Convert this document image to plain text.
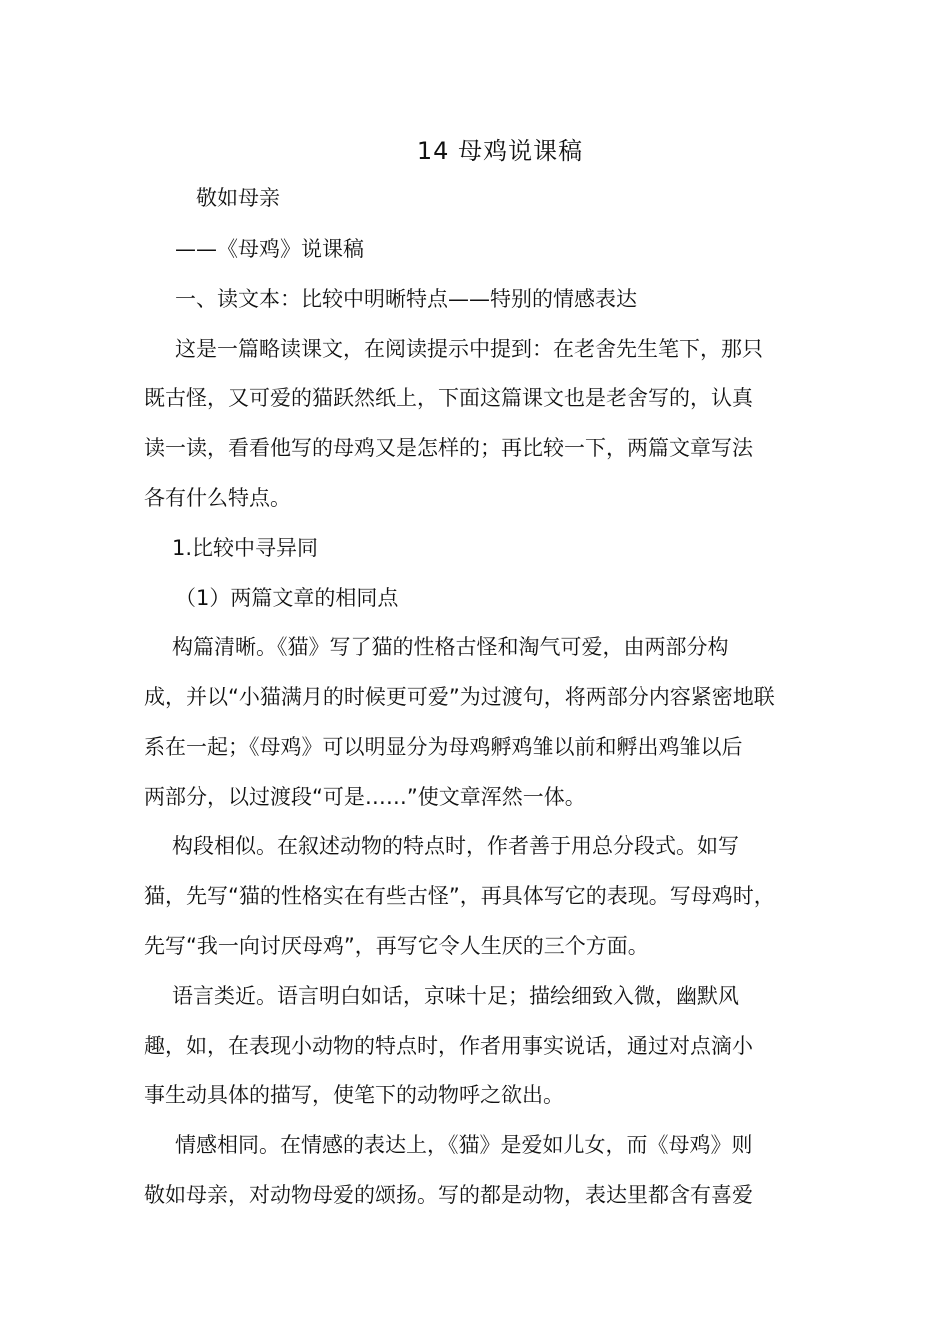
14 母鸡说课稿
　敬如母亲
——《母鸡》说课稿
一、读文本：比较中明晰特点——特别的情感表达
这是一篇略读课文，在阅读提示中提到：在老舍先生笔下，那只
既古怪，又可爱的猫跃然纸上，下面这篇课文也是老舍写的，认真
读一读，看看他写的母鸡又是怎样的；再比较一下，两篇文章写法
各有什么特点。
1.比较中寻异同
（1）两篇文章的相同点
构篇清晰。《猫》写了猫的性格古怪和淘气可爱，由两部分构
成，并以“小猫满月的时候更可爱”为过渡句，将两部分内容紧密地联
系在一起；《母鸡》可以明显分为母鸡孵鸡雏以前和孵出鸡雏以后
两部分，以过渡段“可是……”使文章浑然一体。
构段相似。在叙述动物的特点时，作者善于用总分段式。如写
猫，先写“猫的性格实在有些古怪”，再具体写它的表现。写母鸡时，
先写“我一向讨厌母鸡”，再写它令人生厌的三个方面。
语言类近。语言明白如话，京味十足；描绘细致入微，幽默风
趣，如，在表现小动物的特点时，作者用事实说话，通过对点滴小
事生动具体的描写，使笔下的动物呼之欲出。
情感相同。在情感的表达上，《猫》是爱如儿女，而《母鸡》则
敬如母亲，对动物母爱的颂扬。写的都是动物，表达里都含有喜爱
